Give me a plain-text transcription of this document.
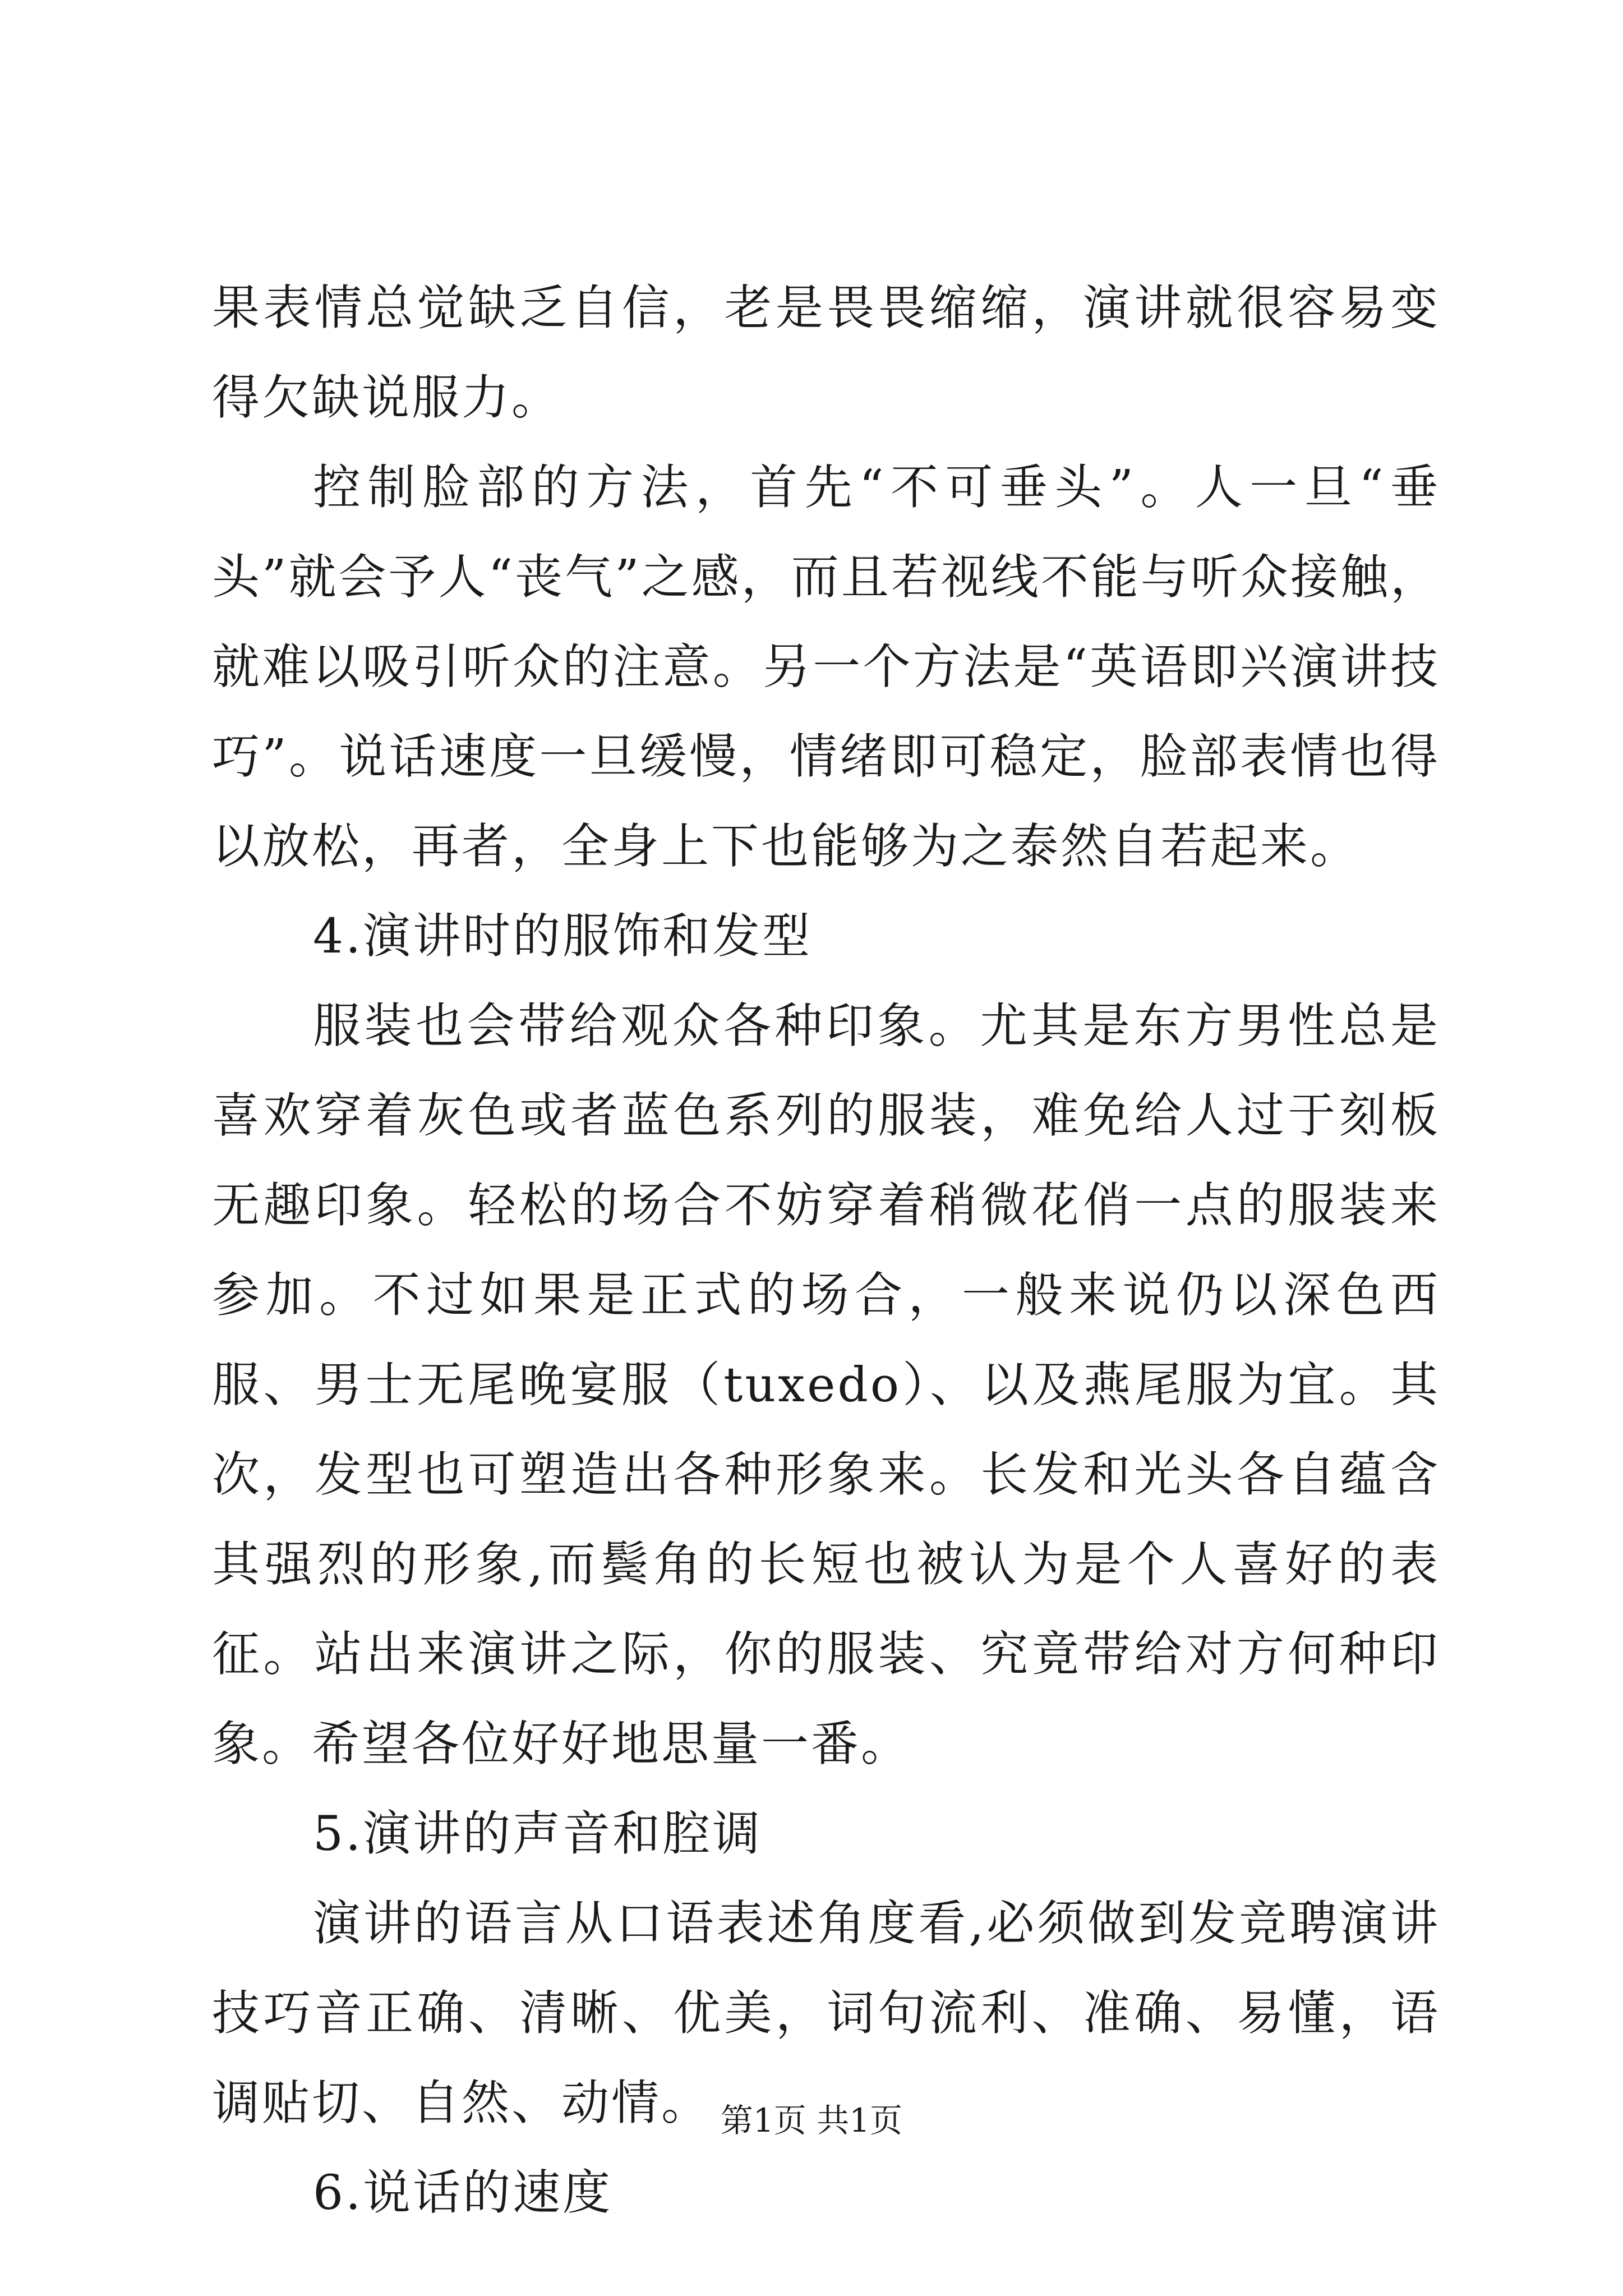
果表情总觉缺乏自信，老是畏畏缩缩，演讲就很容易变得欠缺说服力。

控制脸部的方法，首先“不可垂头”。人一旦“垂头”就会予人“丧气”之感，而且若视线不能与听众接触，就难以吸引听众的注意。另一个方法是“英语即兴演讲技巧”。说话速度一旦缓慢，情绪即可稳定，脸部表情也得以放松，再者，全身上下也能够为之泰然自若起来。

4.演讲时的服饰和发型

服装也会带给观众各种印象。尤其是东方男性总是喜欢穿着灰色或者蓝色系列的服装，难免给人过于刻板无趣印象。轻松的场合不妨穿着稍微花俏一点的服装来参加。不过如果是正式的场合，一般来说仍以深色西服、男士无尾晚宴服（tuxedo）、以及燕尾服为宜。其次，发型也可塑造出各种形象来。长发和光头各自蕴含其强烈的形象,而鬓角的长短也被认为是个人喜好的表征。站出来演讲之际，你的服装、究竟带给对方何种印象。希望各位好好地思量一番。

5.演讲的声音和腔调

演讲的语言从口语表述角度看,必须做到发竞聘演讲技巧音正确、清晰、优美，词句流利、准确、易懂，语调贴切、自然、动情。

6.说话的速度

第1页 共1页
